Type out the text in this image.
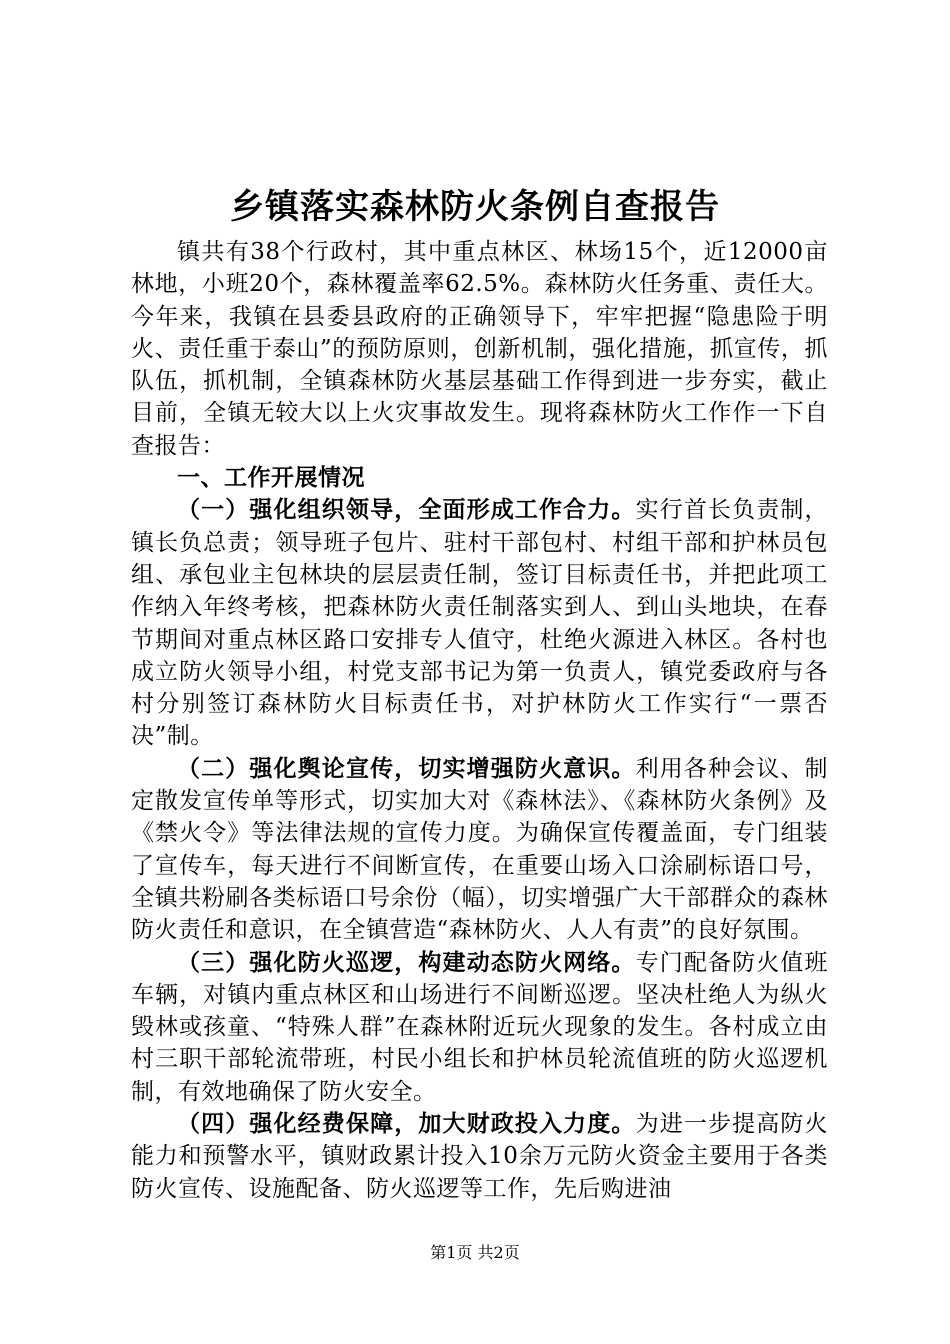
乡镇落实森林防火条例自查报告

镇共有38个行政村，其中重点林区、林场15个，近12000亩林地，小班20个，森林覆盖率62.5%。森林防火任务重、责任大。今年来，我镇在县委县政府的正确领导下，牢牢把握“隐患险于明火、责任重于泰山”的预防原则，创新机制，强化措施，抓宣传，抓队伍，抓机制，全镇森林防火基层基础工作得到进一步夯实，截止目前，全镇无较大以上火灾事故发生。现将森林防火工作作一下自查报告：

一、工作开展情况

（一）强化组织领导，全面形成工作合力。实行首长负责制，镇长负总责；领导班子包片、驻村干部包村、村组干部和护林员包组、承包业主包林块的层层责任制，签订目标责任书，并把此项工作纳入年终考核，把森林防火责任制落实到人、到山头地块，在春节期间对重点林区路口安排专人值守，杜绝火源进入林区。各村也成立防火领导小组，村党支部书记为第一负责人，镇党委政府与各村分别签订森林防火目标责任书，对护林防火工作实行“一票否决”制。

（二）强化舆论宣传，切实增强防火意识。利用各种会议、制定散发宣传单等形式，切实加大对《森林法》、《森林防火条例》及《禁火令》等法律法规的宣传力度。为确保宣传覆盖面，专门组装了宣传车，每天进行不间断宣传，在重要山场入口涂刷标语口号，全镇共粉刷各类标语口号余份（幅），切实增强广大干部群众的森林防火责任和意识，在全镇营造“森林防火、人人有责”的良好氛围。

（三）强化防火巡逻，构建动态防火网络。专门配备防火值班车辆，对镇内重点林区和山场进行不间断巡逻。坚决杜绝人为纵火毁林或孩童、“特殊人群”在森林附近玩火现象的发生。各村成立由村三职干部轮流带班，村民小组长和护林员轮流值班的防火巡逻机制，有效地确保了防火安全。

（四）强化经费保障，加大财政投入力度。为进一步提高防火能力和预警水平，镇财政累计投入10余万元防火资金主要用于各类防火宣传、设施配备、防火巡逻等工作，先后购进油

第1页 共2页
